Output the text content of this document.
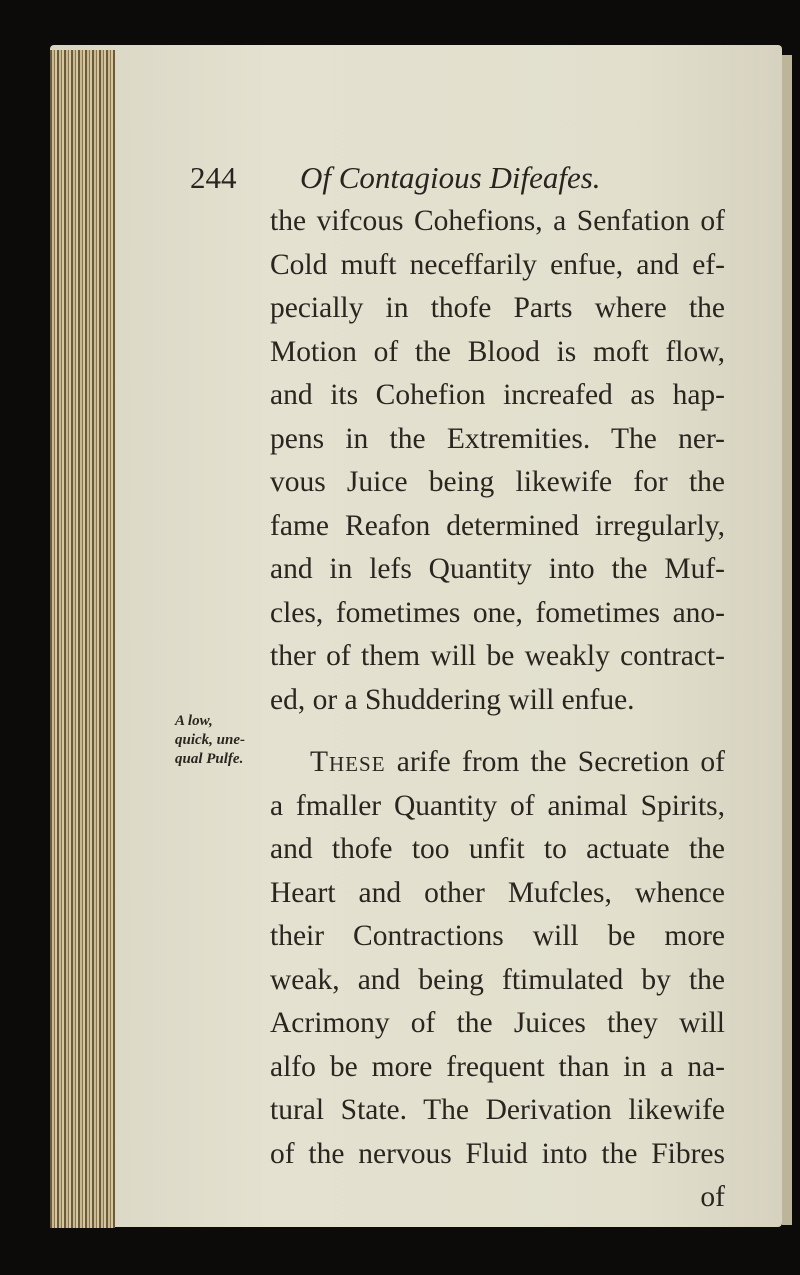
244 Of Contagious Difeafes.
the vifcous Cohefions, a Senfation of
Cold muft neceffarily enfue, and ef-
pecially in thofe Parts where the
Motion of the Blood is moft flow,
and its Cohefion increafed as hap-
pens in the Extremities. The ner-
vous Juice being likewife for the
fame Reafon determined irregularly,
and in lefs Quantity into the Muf-
cles, fometimes one, fometimes ano-
ther of them will be weakly contract-
ed, or a Shuddering will enfue.
These arife from the Secretion of
a fmaller Quantity of animal Spirits,
and thofe too unfit to actuate the
Heart and other Mufcles, whence
their Contractions will be more
weak, and being ftimulated by the
Acrimony of the Juices they will
alfo be more frequent than in a na-
tural State. The Derivation likewife
of the nervous Fluid into the Fibres
of
A low,
quick, une-
qual Pulfe.
